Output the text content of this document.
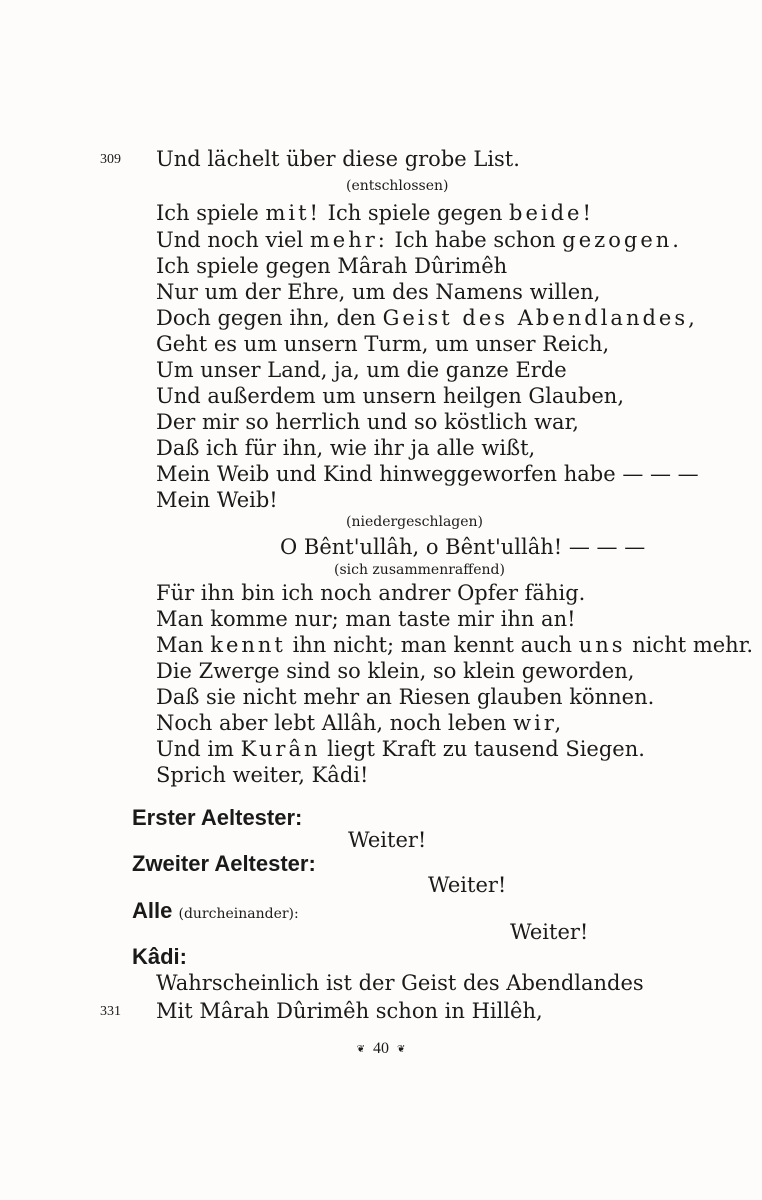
309 Und lächelt über diese grobe List.
(entschlossen)
Ich spiele mit! Ich spiele gegen beide!
Und noch viel mehr: Ich habe schon gezogen.
Ich spiele gegen Mârah Dûrimêh
Nur um der Ehre, um des Namens willen,
Doch gegen ihn, den Geist des Abendlandes,
Geht es um unsern Turm, um unser Reich,
Um unser Land, ja, um die ganze Erde
Und außerdem um unsern heilgen Glauben,
Der mir so herrlich und so köstlich war,
Daß ich für ihn, wie ihr ja alle wißt,
Mein Weib und Kind hinweggeworfen habe — — —
Mein Weib!
(niedergeschlagen)
O Bênt'ullâh, o Bênt'ullâh! — — —
(sich zusammenraffend)
Für ihn bin ich noch andrer Opfer fähig.
Man komme nur; man taste mir ihn an!
Man kennt ihn nicht; man kennt auch uns nicht mehr.
Die Zwerge sind so klein, so klein geworden,
Daß sie nicht mehr an Riesen glauben können.
Noch aber lebt Allâh, noch leben wir,
Und im Kurân liegt Kraft zu tausend Siegen.
Sprich weiter, Kâdi!
Erster Aeltester:
Weiter!
Zweiter Aeltester:
Weiter!
Alle (durcheinander):
Weiter!
Kâdi:
Wahrscheinlich ist der Geist des Abendlandes
331 Mit Mârah Dûrimêh schon in Hillêh,
❦ 40 ❦
